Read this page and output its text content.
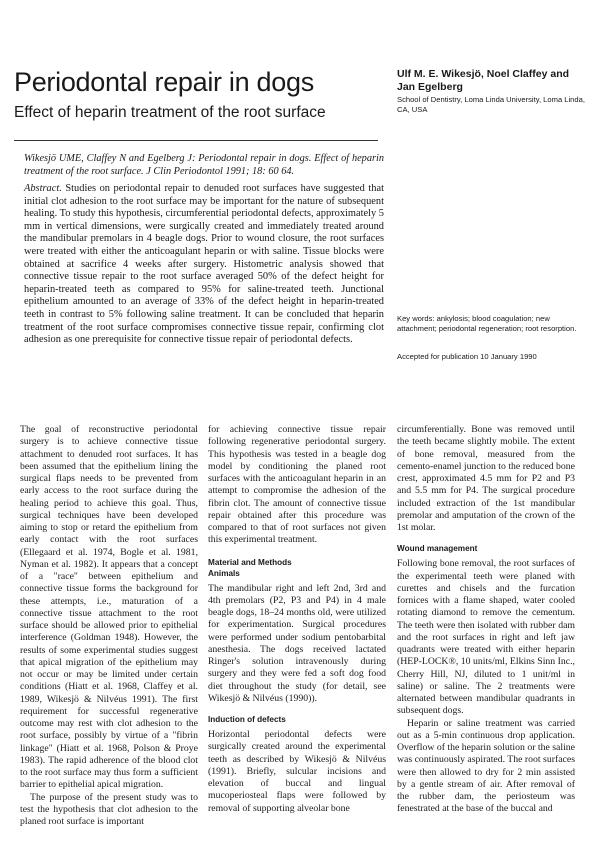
Periodontal repair in dogs
Effect of heparin treatment of the root surface
Ulf M. E. Wikesjö, Noel Claffey and Jan Egelberg
School of Dentistry, Loma Linda University, Loma Linda, CA, USA

Wikesjö UME, Claffey N and Egelberg J: Periodontal repair in dogs. Effect of heparin treatment of the root surface. J Clin Periodontol 1991; 18: 60 64.

Abstract. Studies on periodontal repair to denuded root surfaces have suggested that initial clot adhesion to the root surface may be important for the nature of subsequent healing. To study this hypothesis, circumferential periodontal defects, approximately 5 mm in vertical dimensions, were surgically created and immediately treated around the mandibular premolars in 4 beagle dogs. Prior to wound closure, the root surfaces were treated with either the anticoagulant heparin or with saline. Tissue blocks were obtained at sacrifice 4 weeks after surgery. Histometric analysis showed that connective tissue repair to the root surface averaged 50% of the defect height for heparin-treated teeth as compared to 95% for saline-treated teeth. Junctional epithelium amounted to an average of 33% of the defect height in heparin-treated teeth in contrast to 5% following saline treatment. It can be concluded that heparin treatment of the root surface compromises connective tissue repair, confirming clot adhesion as one prerequisite for connective tissue repair of periodontal defects.

Key words: ankylosis; blood coagulation; new attachment; periodontal regeneration; root resorption.

Accepted for publication 10 January 1990

The goal of reconstructive periodontal surgery is to achieve connective tissue attachment to denuded root surfaces. It has been assumed that the epithelium lining the surgical flaps needs to be prevented from early access to the root surface during the healing period to achieve this goal. Thus, surgical techniques have been developed aiming to stop or retard the epithelium from early contact with the root surfaces (Ellegaard et al. 1974, Bogle et al. 1981, Nyman et al. 1982). It appears that a concept of a "race" between epithelium and connective tissue forms the background for these attempts, i.e., maturation of a connective tissue attachment to the root surface should be allowed prior to epithelial interference (Goldman 1948). However, the results of some experimental studies suggest that apical migration of the epithelium may not occur or may be limited under certain conditions (Hiatt et al. 1968, Claffey et al. 1989, Wikesjö & Nilvéus 1991). The first requirement for successful regenerative outcome may rest with clot adhesion to the root surface, possibly by virtue of a "fibrin linkage" (Hiatt et al. 1968, Polson & Proye 1983). The rapid adherence of the blood clot to the root surface may thus form a sufficient barrier to epithelial apical migration.

The purpose of the present study was to test the hypothesis that clot adhesion to the planed root surface is important

for achieving connective tissue repair following regenerative periodontal surgery. This hypothesis was tested in a beagle dog model by conditioning the planed root surfaces with the anticoagulant heparin in an attempt to compromise the adhesion of the fibrin clot. The amount of connective tissue repair obtained after this procedure was compared to that of root surfaces not given this experimental treatment.

Material and Methods
Animals

The mandibular right and left 2nd, 3rd and 4th premolars (P2, P3 and P4) in 4 male beagle dogs, 18–24 months old, were utilized for experimentation. Surgical procedures were performed under sodium pentobarbital anesthesia. The dogs received lactated Ringer's solution intravenously during surgery and they were fed a soft dog food diet throughout the study (for detail, see Wikesjö & Nilvéus (1990)).

Induction of defects

Horizontal periodontal defects were surgically created around the experimental teeth as described by Wikesjö & Nilvéus (1991). Briefly, sulcular incisions and elevation of buccal and lingual mucoperiosteal flaps were followed by removal of supporting alveolar bone

circumferentially. Bone was removed until the teeth became slightly mobile. The extent of bone removal, measured from the cemento-enamel junction to the reduced bone crest, approximated 4.5 mm for P2 and P3 and 5.5 mm for P4. The surgical procedure included extraction of the 1st mandibular premolar and amputation of the crown of the 1st molar.

Wound management

Following bone removal, the root surfaces of the experimental teeth were planed with curettes and chisels and the furcation fornices with a flame shaped, water cooled rotating diamond to remove the cementum. The teeth were then isolated with rubber dam and the root surfaces in right and left jaw quadrants were treated with either heparin (HEP-LOCK®, 10 units/ml, Elkins Sinn Inc., Cherry Hill, NJ, diluted to 1 unit/ml in saline) or saline. The 2 treatments were alternated between mandibular quadrants in subsequent dogs.

Heparin or saline treatment was carried out as a 5-min continuous drop application. Overflow of the heparin solution or the saline was continuously aspirated. The root surfaces were then allowed to dry for 2 min assisted by a gentle stream of air. After removal of the rubber dam, the periosteum was fenestrated at the base of the buccal and
